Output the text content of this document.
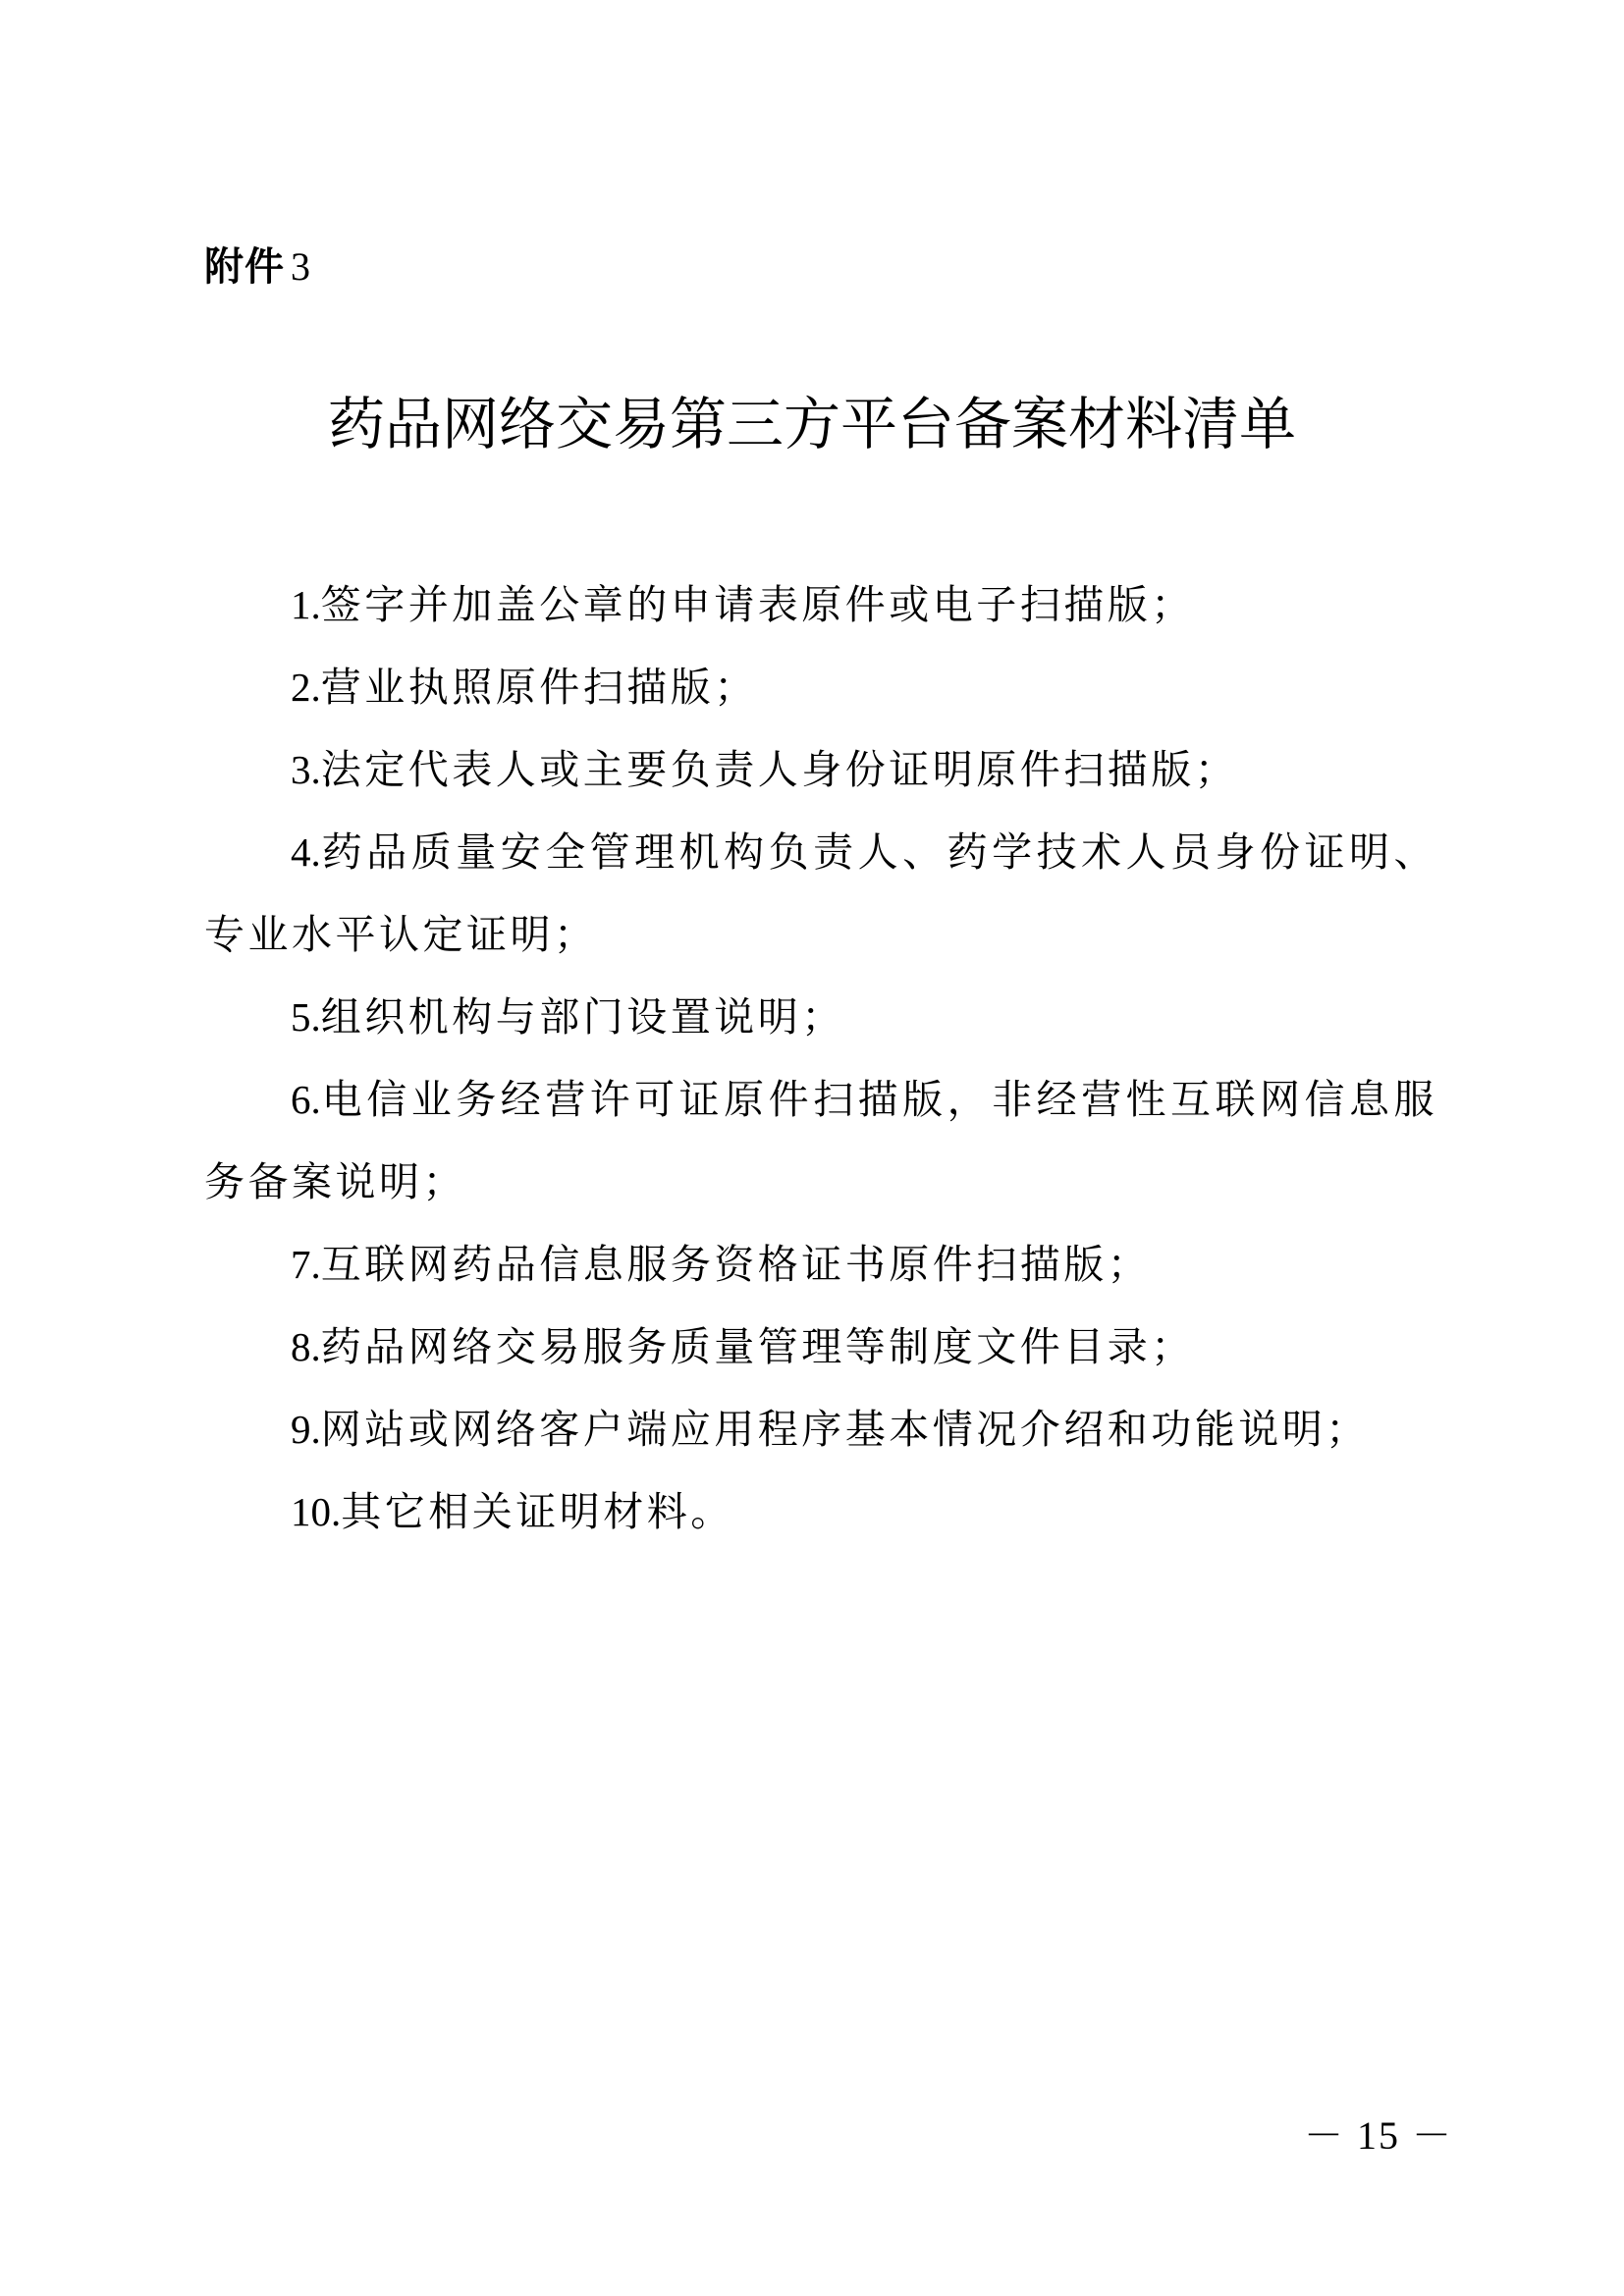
附件 3
药品网络交易第三方平台备案材料清单
1.签字并加盖公章的申请表原件或电子扫描版；
2.营业执照原件扫描版；
3.法定代表人或主要负责人身份证明原件扫描版；
4.药品质量安全管理机构负责人、药学技术人员身份证明、专业水平认定证明；
5.组织机构与部门设置说明；
6.电信业务经营许可证原件扫描版，非经营性互联网信息服务备案说明；
7.互联网药品信息服务资格证书原件扫描版；
8.药品网络交易服务质量管理等制度文件目录；
9.网站或网络客户端应用程序基本情况介绍和功能说明；
10.其它相关证明材料。
－ 15 －
